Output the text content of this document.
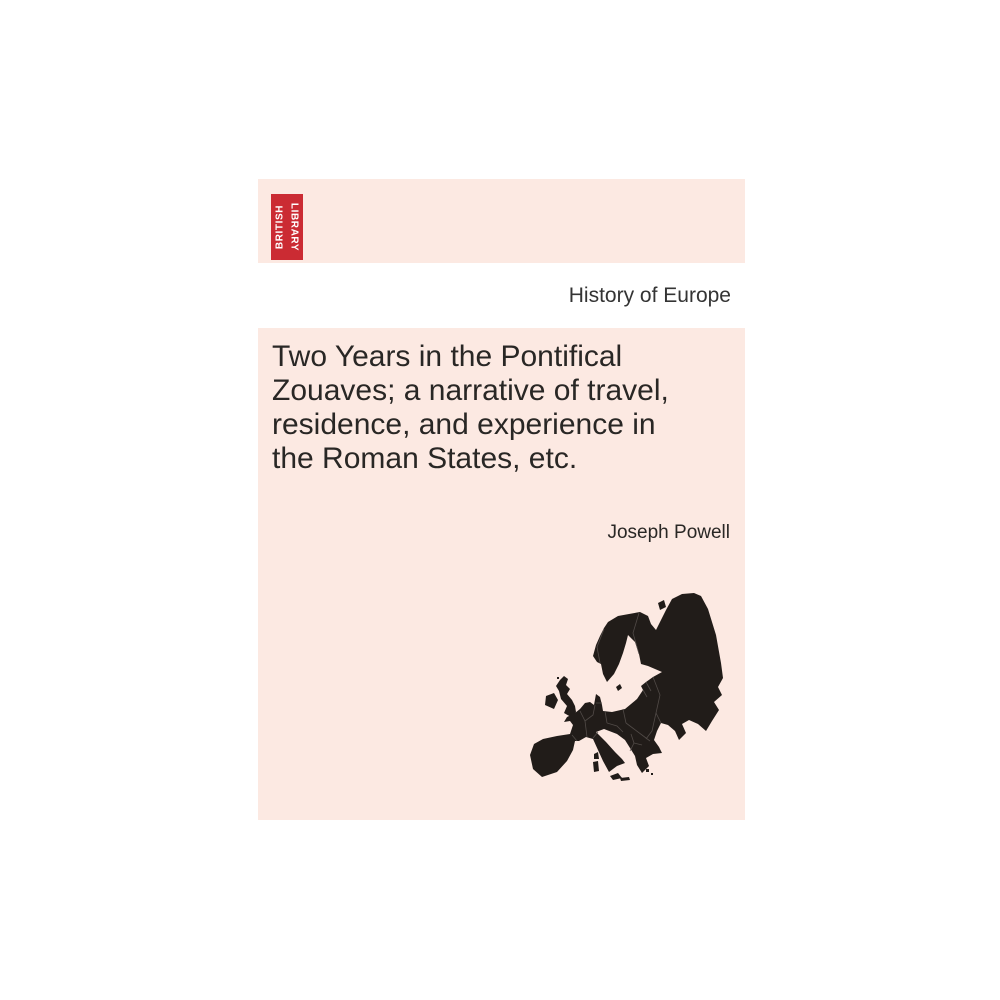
BRITISH LIBRARY
History of Europe
Two Years in the Pontifical
Zouaves; a narrative of travel,
residence, and experience in
the Roman States, etc.
Joseph Powell
